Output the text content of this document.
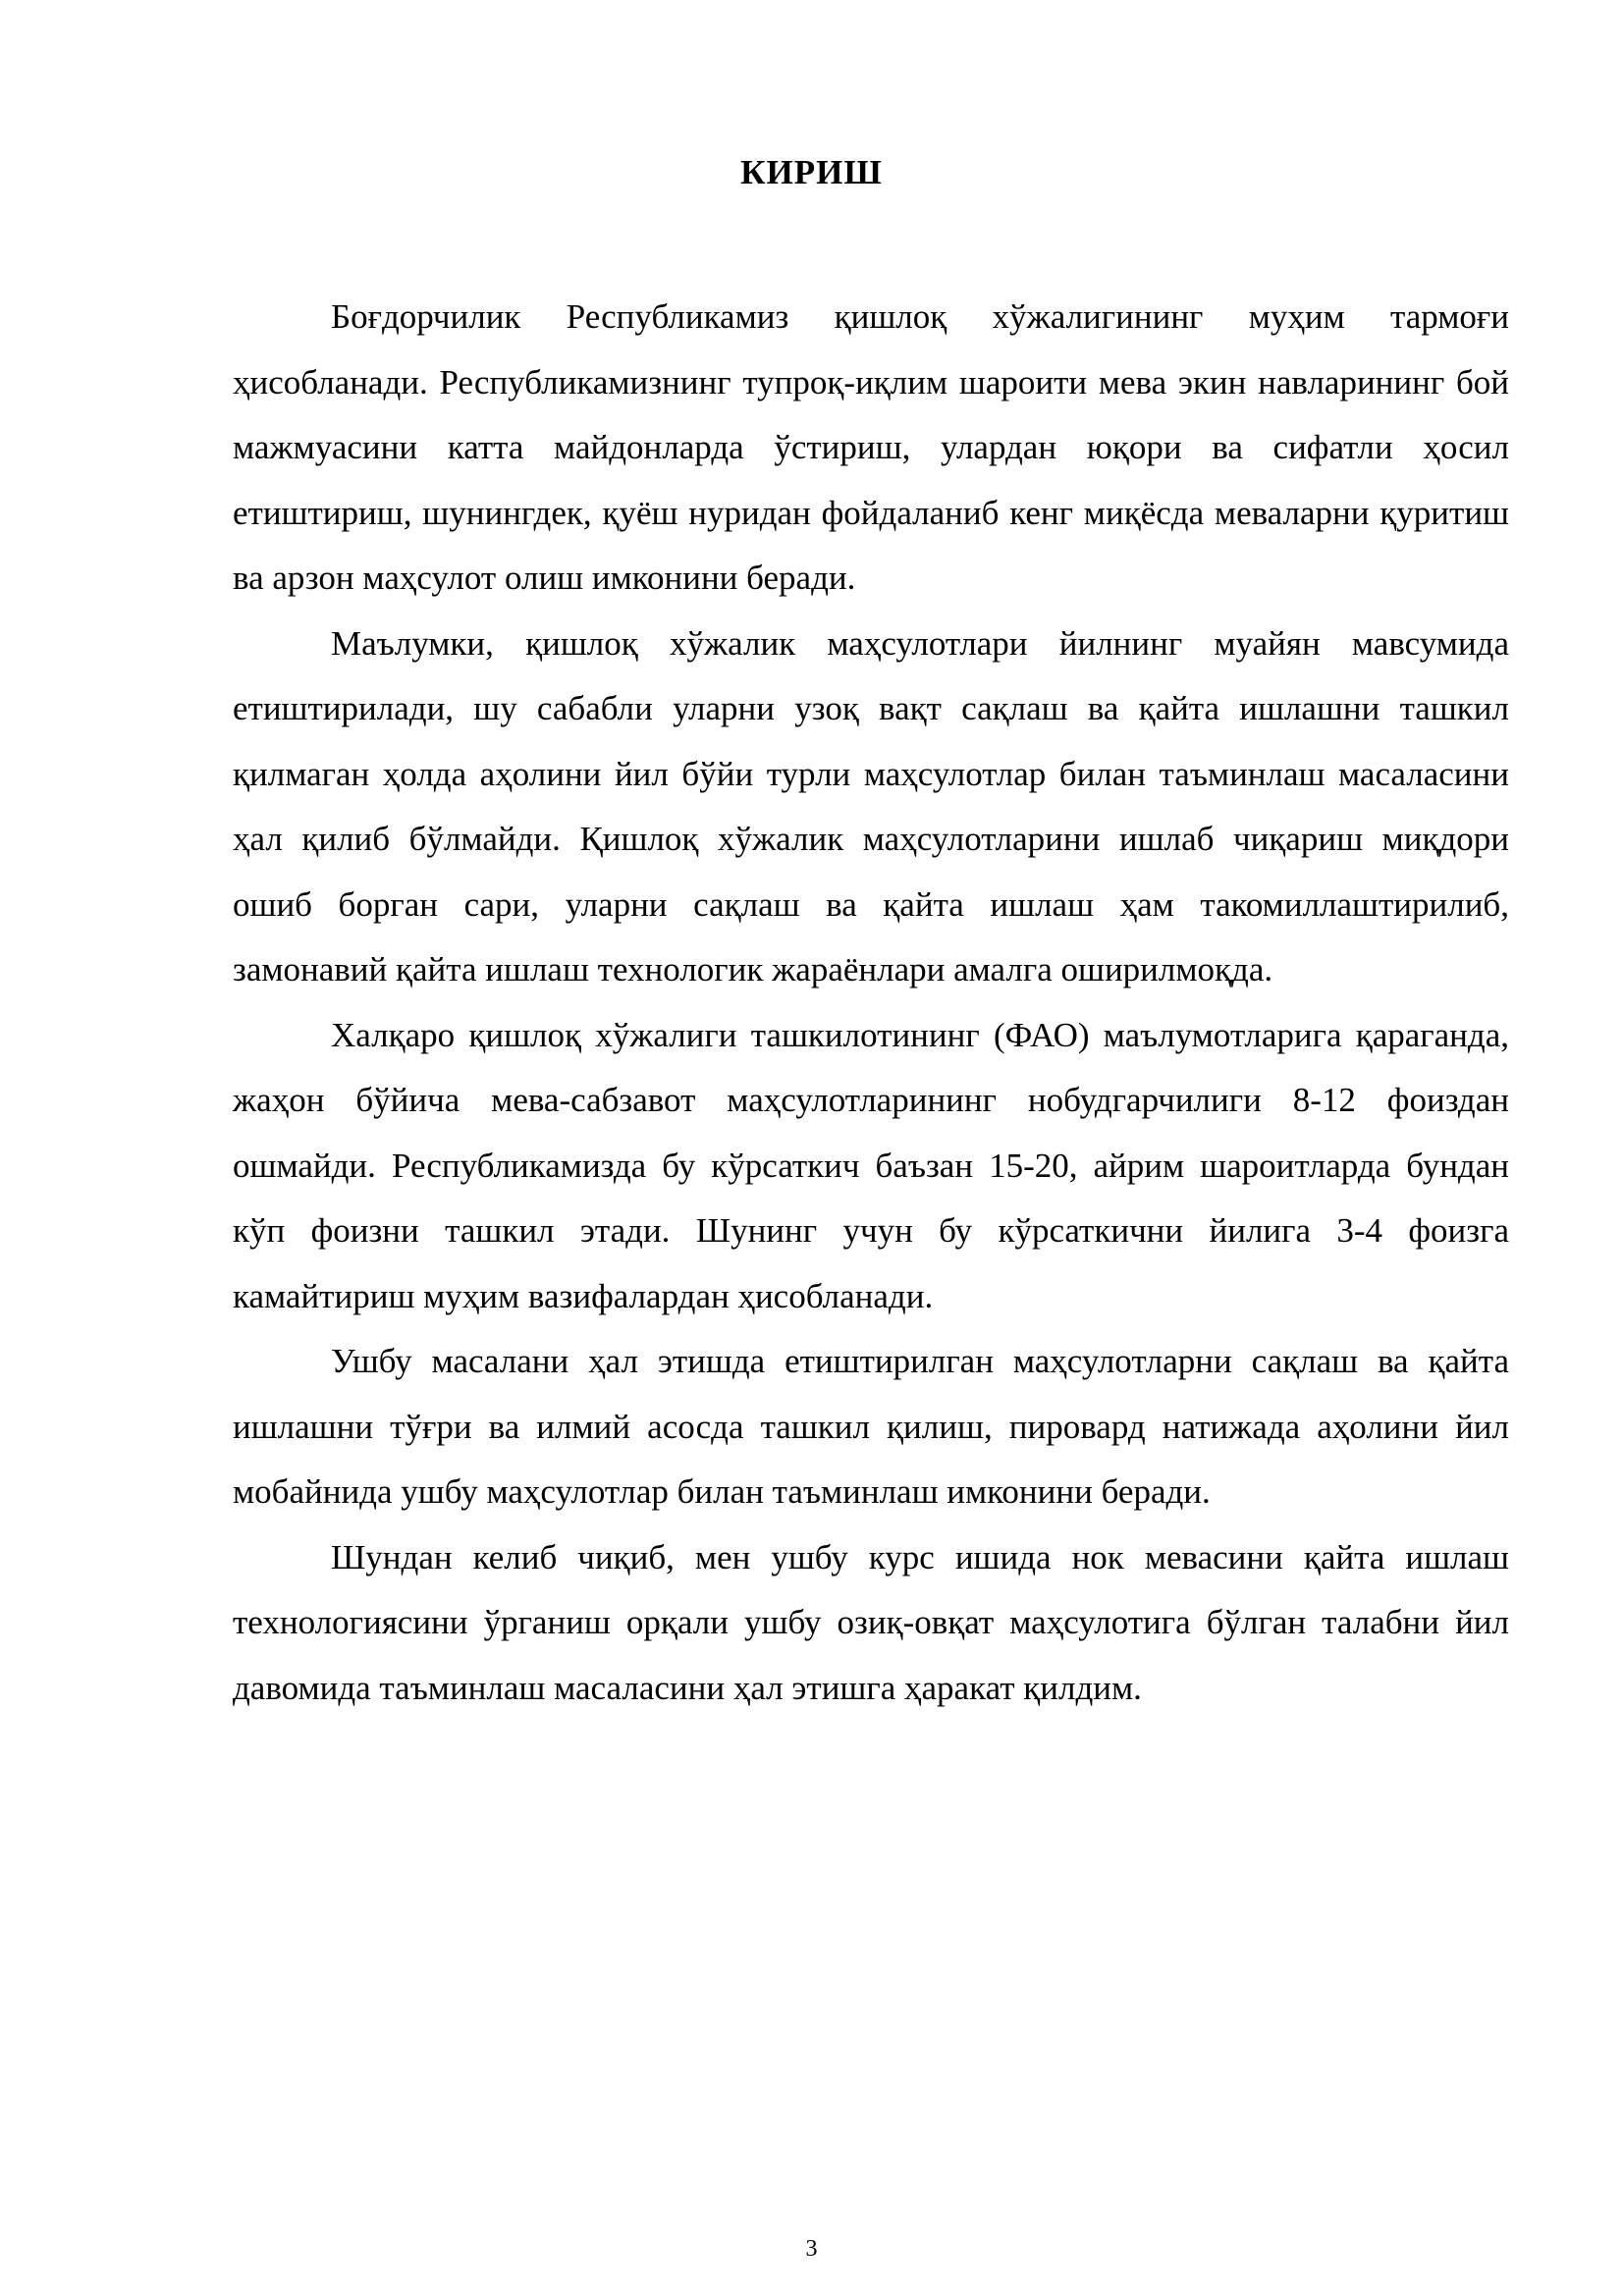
КИРИШ

Боғдорчилик Республикамиз қишлоқ хўжалигининг муҳим тармоғи ҳисобланади. Республикамизнинг тупроқ-иқлим шароити мева экин навларининг бой мажмуасини катта майдонларда ўстириш, улардан юқори ва сифатли ҳосил етиштириш, шунингдек, қуёш нуридан фойдаланиб кенг миқёсда меваларни қуритиш ва арзон маҳсулот олиш имконини беради.

Маълумки, қишлоқ хўжалик маҳсулотлари йилнинг муайян мавсумида етиштирилади, шу сабабли уларни узоқ вақт сақлаш ва қайта ишлашни ташкил қилмаган ҳолда аҳолини йил бўйи турли маҳсулотлар билан таъминлаш масаласини ҳал қилиб бўлмайди. Қишлоқ хўжалик маҳсулотларини ишлаб чиқариш миқдори ошиб борган сари, уларни сақлаш ва қайта ишлаш ҳам такомиллаштирилиб, замонавий қайта ишлаш технологик жараёнлари амалга оширилмоқда.

Халқаро қишлоқ хўжалиги ташкилотининг (ФАО) маълумотларига қараганда, жаҳон бўйича мева-сабзавот маҳсулотларининг нобудгарчилиги 8-12 фоиздан ошмайди. Республикамизда бу кўрсаткич баъзан 15-20, айрим шароитларда бундан кўп фоизни ташкил этади. Шунинг учун бу кўрсаткични йилига 3-4 фоизга камайтириш муҳим вазифалардан ҳисобланади.

Ушбу масалани ҳал этишда етиштирилган маҳсулотларни сақлаш ва қайта ишлашни тўғри ва илмий асосда ташкил қилиш, пировард натижада аҳолини йил мобайнида ушбу маҳсулотлар билан таъминлаш имконини беради.

Шундан келиб чиқиб, мен ушбу курс ишида нок мевасини қайта ишлаш технологиясини ўрганиш орқали ушбу озиқ-овқат маҳсулотига бўлган талабни йил давомида таъминлаш масаласини ҳал этишга ҳаракат қилдим.

3
